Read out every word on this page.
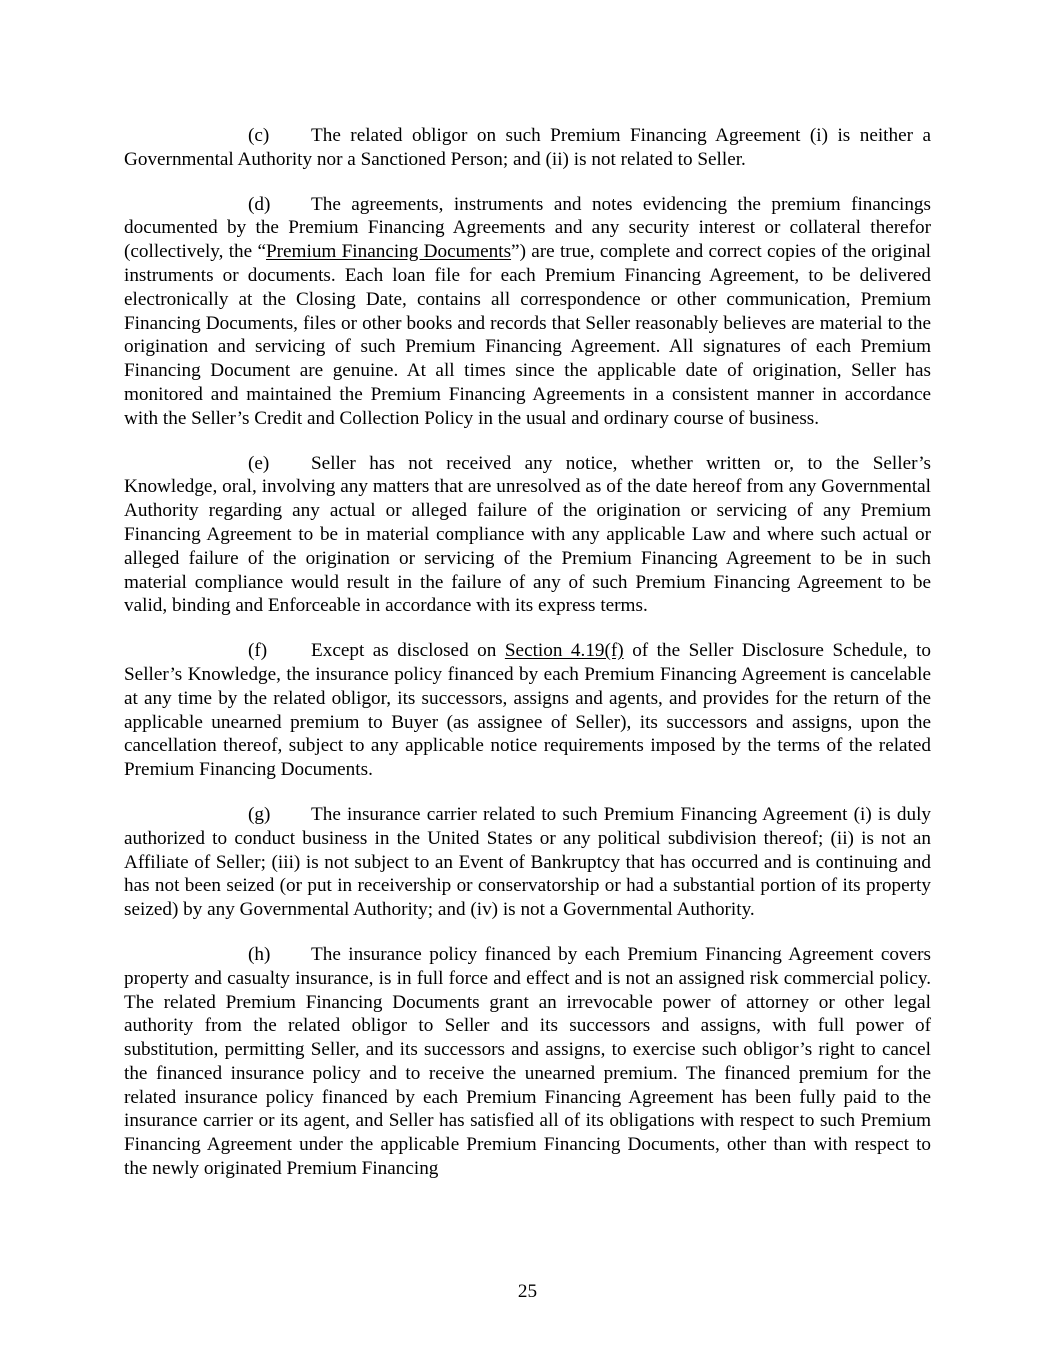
(c) The related obligor on such Premium Financing Agreement (i) is neither a Governmental Authority nor a Sanctioned Person; and (ii) is not related to Seller.

(d) The agreements, instruments and notes evidencing the premium financings documented by the Premium Financing Agreements and any security interest or collateral therefor (collectively, the “Premium Financing Documents”) are true, complete and correct copies of the original instruments or documents. Each loan file for each Premium Financing Agreement, to be delivered electronically at the Closing Date, contains all correspondence or other communication, Premium Financing Documents, files or other books and records that Seller reasonably believes are material to the origination and servicing of such Premium Financing Agreement. All signatures of each Premium Financing Document are genuine. At all times since the applicable date of origination, Seller has monitored and maintained the Premium Financing Agreements in a consistent manner in accordance with the Seller’s Credit and Collection Policy in the usual and ordinary course of business.

(e) Seller has not received any notice, whether written or, to the Seller’s Knowledge, oral, involving any matters that are unresolved as of the date hereof from any Governmental Authority regarding any actual or alleged failure of the origination or servicing of any Premium Financing Agreement to be in material compliance with any applicable Law and where such actual or alleged failure of the origination or servicing of the Premium Financing Agreement to be in such material compliance would result in the failure of any of such Premium Financing Agreement to be valid, binding and Enforceable in accordance with its express terms.

(f) Except as disclosed on Section 4.19(f) of the Seller Disclosure Schedule, to Seller’s Knowledge, the insurance policy financed by each Premium Financing Agreement is cancelable at any time by the related obligor, its successors, assigns and agents, and provides for the return of the applicable unearned premium to Buyer (as assignee of Seller), its successors and assigns, upon the cancellation thereof, subject to any applicable notice requirements imposed by the terms of the related Premium Financing Documents.

(g) The insurance carrier related to such Premium Financing Agreement (i) is duly authorized to conduct business in the United States or any political subdivision thereof; (ii) is not an Affiliate of Seller; (iii) is not subject to an Event of Bankruptcy that has occurred and is continuing and has not been seized (or put in receivership or conservatorship or had a substantial portion of its property seized) by any Governmental Authority; and (iv) is not a Governmental Authority.

(h) The insurance policy financed by each Premium Financing Agreement covers property and casualty insurance, is in full force and effect and is not an assigned risk commercial policy. The related Premium Financing Documents grant an irrevocable power of attorney or other legal authority from the related obligor to Seller and its successors and assigns, with full power of substitution, permitting Seller, and its successors and assigns, to exercise such obligor’s right to cancel the financed insurance policy and to receive the unearned premium. The financed premium for the related insurance policy financed by each Premium Financing Agreement has been fully paid to the insurance carrier or its agent, and Seller has satisfied all of its obligations with respect to such Premium Financing Agreement under the applicable Premium Financing Documents, other than with respect to the newly originated Premium Financing

25
